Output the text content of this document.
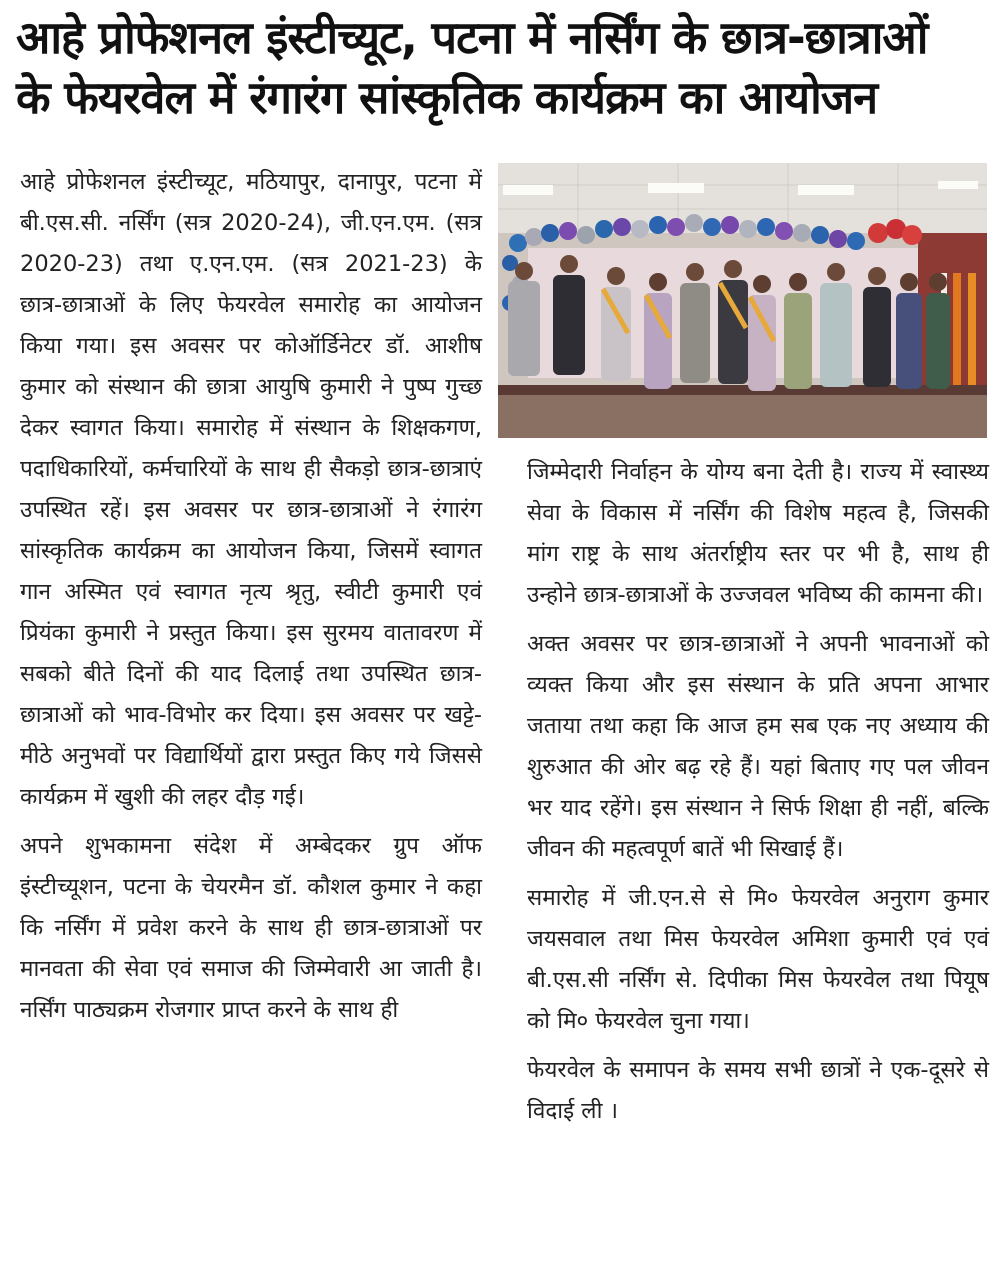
आहे प्रोफेशनल इंस्टीच्यूट, पटना में नर्सिंग के छात्र-छात्राओं
के फेयरवेल में रंगारंग सांस्कृतिक कार्यक्रम का आयोजन

आहे प्रोफेशनल इंस्टीच्यूट, मठियापुर, दानापुर, पटना में बी.एस.सी. नर्सिंग (सत्र 2020-24), जी.एन.एम. (सत्र 2020-23) तथा ए.एन.एम. (सत्र 2021-23) के छात्र-छात्राओं के लिए फेयरवेल समारोह का आयोजन किया गया। इस अवसर पर कोऑर्डिनेटर डॉ. आशीष कुमार को संस्थान की छात्रा आयुषि कुमारी ने पुष्प गुच्छ देकर स्वागत किया। समारोह में संस्थान के शिक्षकगण, पदाधिकारियों, कर्मचारियों के साथ ही सैकड़ो छात्र-छात्राएं उपस्थित रहें। इस अवसर पर छात्र-छात्राओं ने रंगारंग सांस्कृतिक कार्यक्रम का आयोजन किया, जिसमें स्वागत गान अस्मित एवं स्वागत नृत्य श्रृतु, स्वीटी कुमारी एवं प्रियंका कुमारी ने प्रस्तुत किया। इस सुरमय वातावरण में सबको बीते दिनों की याद दिलाई तथा उपस्थित छात्र-छात्राओं को भाव-विभोर कर दिया। इस अवसर पर खट्टे-मीठे अनुभवों पर विद्यार्थियों द्वारा प्रस्तुत किए गये जिससे कार्यक्रम में खुशी की लहर दौड़ गई।

अपने शुभकामना संदेश में अम्बेदकर ग्रुप ऑफ इंस्टीच्यूशन, पटना के चेयरमैन डॉ. कौशल कुमार ने कहा कि नर्सिंग में प्रवेश करने के साथ ही छात्र-छात्राओं पर मानवता की सेवा एवं समाज की जिम्मेवारी आ जाती है। नर्सिंग पाठ्यक्रम रोजगार प्राप्त करने के साथ ही

जिम्मेदारी निर्वाहन के योग्य बना देती है। राज्य में स्वास्थ्य सेवा के विकास में नर्सिंग की विशेष महत्व है, जिसकी मांग राष्ट्र के साथ अंतर्राष्ट्रीय स्तर पर भी है, साथ ही उन्होने छात्र-छात्राओं के उज्जवल भविष्य की कामना की।

अक्त अवसर पर छात्र-छात्राओं ने अपनी भावनाओं को व्यक्त किया और इस संस्थान के प्रति अपना आभार जताया तथा कहा कि आज हम सब एक नए अध्याय की शुरुआत की ओर बढ़ रहे हैं। यहां बिताए गए पल जीवन भर याद रहेंगे। इस संस्थान ने सिर्फ शिक्षा ही नहीं, बल्कि जीवन की महत्वपूर्ण बातें भी सिखाई हैं।

समारोह में जी.एन.से से मि० फेयरवेल अनुराग कुमार जयसवाल तथा मिस फेयरवेल अमिशा कुमारी एवं एवं बी.एस.सी नर्सिंग से. दिपीका मिस फेयरवेल तथा पियूष को मि० फेयरवेल चुना गया।

फेयरवेल के समापन के समय सभी छात्रों ने एक-दूसरे से विदाई ली ।
